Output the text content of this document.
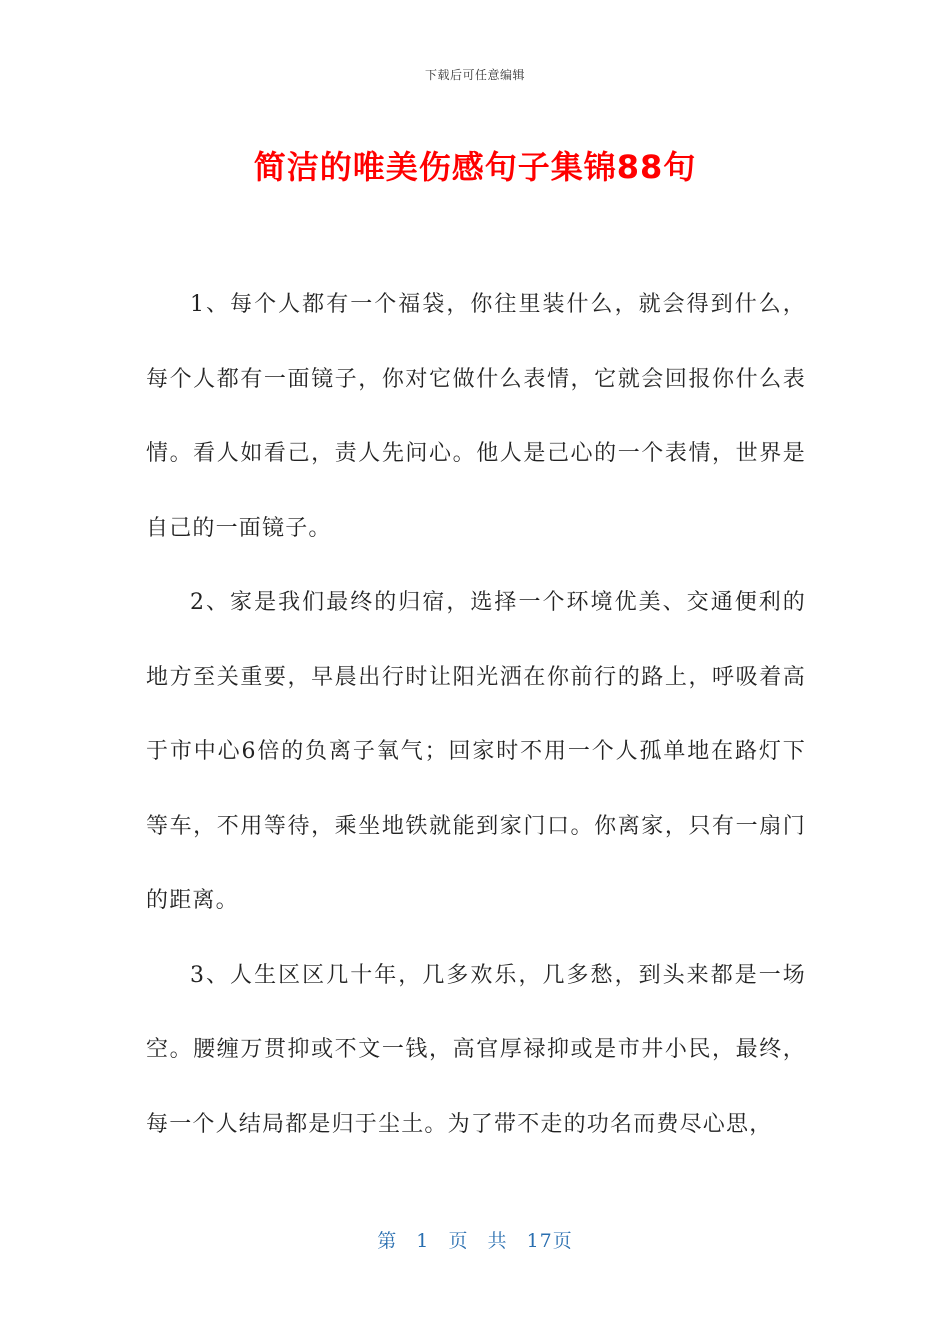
下载后可任意编辑
简洁的唯美伤感句子集锦88句

1、每个人都有一个福袋，你往里装什么，就会得到什么，每个人都有一面镜子，你对它做什么表情，它就会回报你什么表情。看人如看己，责人先问心。他人是己心的一个表情，世界是自己的一面镜子。

2、家是我们最终的归宿，选择一个环境优美、交通便利的地方至关重要，早晨出行时让阳光洒在你前行的路上，呼吸着高于市中心6倍的负离子氧气；回家时不用一个人孤单地在路灯下等车，不用等待，乘坐地铁就能到家门口。你离家，只有一扇门的距离。

3、人生区区几十年，几多欢乐，几多愁，到头来都是一场空。腰缠万贯抑或不文一钱，高官厚禄抑或是市井小民，最终，每一个人结局都是归于尘土。为了带不走的功名而费尽心思，

第 1 页 共 17页
